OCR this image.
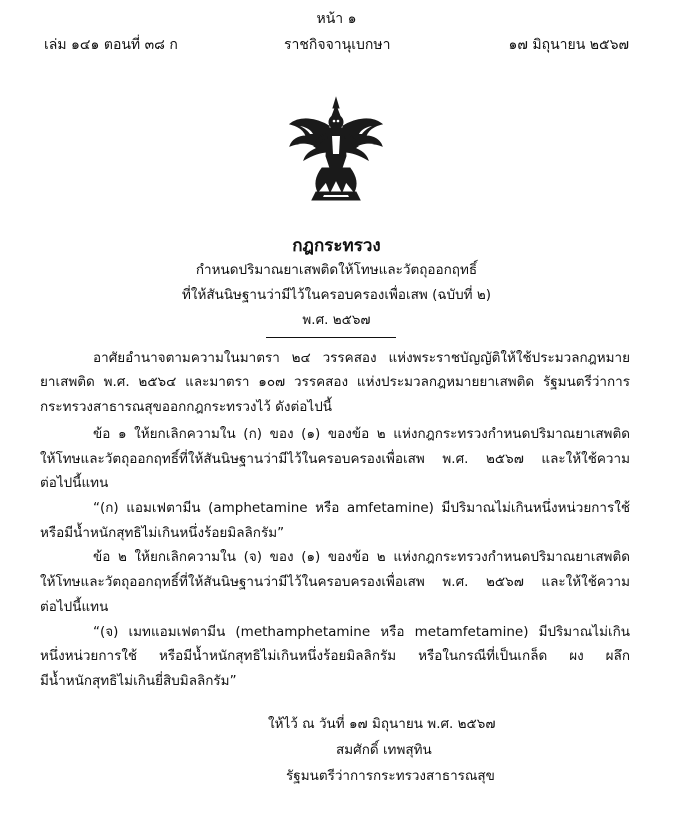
หน้า ๑
เล่ม ๑๔๑ ตอนที่ ๓๘ ก	ราชกิจจานุเบกษา	๑๗ มิถุนายน ๒๕๖๗
กฎกระทรวง
กำหนดปริมาณยาเสพติดให้โทษและวัตถุออกฤทธิ์
ที่ให้สันนิษฐานว่ามีไว้ในครอบครองเพื่อเสพ (ฉบับที่ ๒)
พ.ศ. ๒๕๖๗
อาศัยอำนาจตามความในมาตรา ๒๔ วรรคสอง แห่งพระราชบัญญัติให้ใช้ประมวลกฎหมาย
ยาเสพติด พ.ศ. ๒๕๖๔ และมาตรา ๑๐๗ วรรคสอง แห่งประมวลกฎหมายยาเสพติด รัฐมนตรีว่าการ
กระทรวงสาธารณสุขออกกฎกระทรวงไว้ ดังต่อไปนี้
ข้อ ๑ ให้ยกเลิกความใน (ก) ของ (๑) ของข้อ ๒ แห่งกฎกระทรวงกำหนดปริมาณยาเสพติด
ให้โทษและวัตถุออกฤทธิ์ที่ให้สันนิษฐานว่ามีไว้ในครอบครองเพื่อเสพ พ.ศ. ๒๕๖๗ และให้ใช้ความ
ต่อไปนี้แทน
“(ก) แอมเฟตามีน (amphetamine หรือ amfetamine) มีปริมาณไม่เกินหนึ่งหน่วยการใช้
หรือมีน้ำหนักสุทธิไม่เกินหนึ่งร้อยมิลลิกรัม”
ข้อ ๒ ให้ยกเลิกความใน (จ) ของ (๑) ของข้อ ๒ แห่งกฎกระทรวงกำหนดปริมาณยาเสพติด
ให้โทษและวัตถุออกฤทธิ์ที่ให้สันนิษฐานว่ามีไว้ในครอบครองเพื่อเสพ พ.ศ. ๒๕๖๗ และให้ใช้ความ
ต่อไปนี้แทน
“(จ) เมทแอมเฟตามีน (methamphetamine หรือ metamfetamine) มีปริมาณไม่เกิน
หนึ่งหน่วยการใช้ หรือมีน้ำหนักสุทธิไม่เกินหนึ่งร้อยมิลลิกรัม หรือในกรณีที่เป็นเกล็ด ผง ผลึก
มีน้ำหนักสุทธิไม่เกินยี่สิบมิลลิกรัม”
ให้ไว้ ณ วันที่ ๑๗ มิถุนายน พ.ศ. ๒๕๖๗
สมศักดิ์ เทพสุทิน
รัฐมนตรีว่าการกระทรวงสาธารณสุข
